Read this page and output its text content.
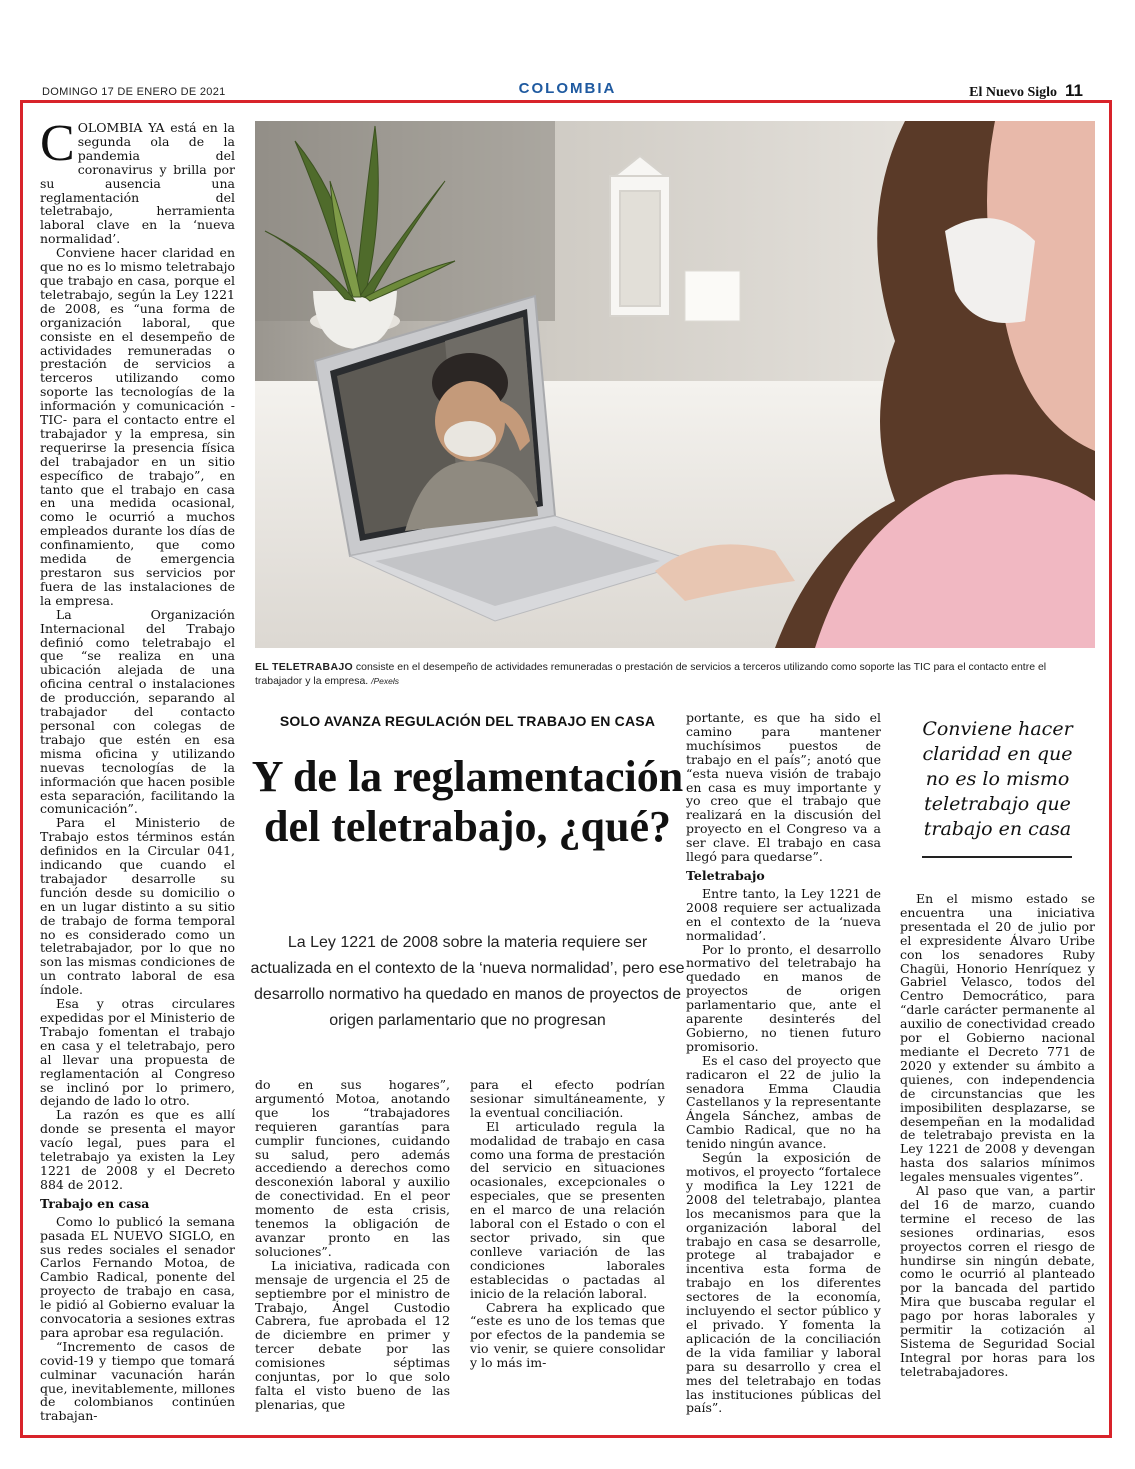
DOMINGO 17 DE ENERO DE 2021	COLOMBIA	El Nuevo Siglo 11

COLOMBIA YA está en la segunda ola de la pandemia del coronavirus y brilla por su ausencia una reglamentación del teletrabajo, herramienta laboral clave en la ‘nueva normalidad’.

Conviene hacer claridad en que no es lo mismo teletrabajo que trabajo en casa, porque el teletrabajo, según la Ley 1221 de 2008, es “una forma de organización laboral, que consiste en el desempeño de actividades remuneradas o prestación de servicios a terceros utilizando como soporte las tecnologías de la información y comunicación -TIC- para el contacto entre el trabajador y la empresa, sin requerirse la presencia física del trabajador en un sitio específico de trabajo”, en tanto que el trabajo en casa en una medida ocasional, como le ocurrió a muchos empleados durante los días de confinamiento, que como medida de emergencia prestaron sus servicios por fuera de las instalaciones de la empresa.

La Organización Internacional del Trabajo definió como teletrabajo el que “se realiza en una ubicación alejada de una oficina central o instalaciones de producción, separando al trabajador del contacto personal con colegas de trabajo que estén en esa misma oficina y utilizando nuevas tecnologías de la información que hacen posible esta separación, facilitando la comunicación”.

Para el Ministerio de Trabajo estos términos están definidos en la Circular 041, indicando que cuando el trabajador desarrolle su función desde su domicilio o en un lugar distinto a su sitio de trabajo de forma temporal no es considerado como un teletrabajador, por lo que no son las mismas condiciones de un contrato laboral de esa índole.

Esa y otras circulares expedidas por el Ministerio de Trabajo fomentan el trabajo en casa y el teletrabajo, pero al llevar una propuesta de reglamentación al Congreso se inclinó por lo primero, dejando de lado lo otro.

La razón es que es allí donde se presenta el mayor vacío legal, pues para el teletrabajo ya existen la Ley 1221 de 2008 y el Decreto 884 de 2012.

Trabajo en casa

Como lo publicó la semana pasada EL NUEVO SIGLO, en sus redes sociales el senador Carlos Fernando Motoa, de Cambio Radical, ponente del proyecto de trabajo en casa, le pidió al Gobierno evaluar la convocatoria a sesiones extras para aprobar esa regulación.

“Incremento de casos de covid-19 y tiempo que tomará culminar vacunación harán que, inevitablemente, millones de colombianos continúen trabajan-

EL TELETRABAJO consiste en el desempeño de actividades remuneradas o prestación de servicios a terceros utilizando como soporte las TIC para el contacto entre el trabajador y la empresa. /Pexels
SOLO AVANZA REGULACIÓN DEL TRABAJO EN CASA
Y de la reglamentación del teletrabajo, ¿qué?
La Ley 1221 de 2008 sobre la materia requiere ser actualizada en el contexto de la ‘nueva normalidad’, pero ese desarrollo normativo ha quedado en manos de proyectos de origen parlamentario que no progresan

do en sus hogares”, argumentó Motoa, anotando que los “trabajadores requieren garantías para cumplir funciones, cuidando su salud, pero además accediendo a derechos como desconexión laboral y auxilio de conectividad. En el peor momento de esta crisis, tenemos la obligación de avanzar pronto en las soluciones”.

La iniciativa, radicada con mensaje de urgencia el 25 de septiembre por el ministro de Trabajo, Ángel Custodio Cabrera, fue aprobada el 12 de diciembre en primer y tercer debate por las comisiones séptimas conjuntas, por lo que solo falta el visto bueno de las plenarias, que

para el efecto podrían sesionar simultáneamente, y la eventual conciliación.

El articulado regula la modalidad de trabajo en casa como una forma de prestación del servicio en situaciones ocasionales, excepcionales o especiales, que se presenten en el marco de una relación laboral con el Estado o con el sector privado, sin que conlleve variación de las condiciones laborales establecidas o pactadas al inicio de la relación laboral.

Cabrera ha explicado que “este es uno de los temas que por efectos de la pandemia se vio venir, se quiere consolidar y lo más im-

portante, es que ha sido el camino para mantener muchísimos puestos de trabajo en el país”; anotó que “esta nueva visión de trabajo en casa es muy importante y yo creo que el trabajo que realizará en la discusión del proyecto en el Congreso va a ser clave. El trabajo en casa llegó para quedarse”.

Teletrabajo

Entre tanto, la Ley 1221 de 2008 requiere ser actualizada en el contexto de la ‘nueva normalidad’.

Por lo pronto, el desarrollo normativo del teletrabajo ha quedado en manos de proyectos de origen parlamentario que, ante el aparente desinterés del Gobierno, no tienen futuro promisorio.

Es el caso del proyecto que radicaron el 22 de julio la senadora Emma Claudia Castellanos y la representante Ángela Sánchez, ambas de Cambio Radical, que no ha tenido ningún avance.

Según la exposición de motivos, el proyecto “fortalece y modifica la Ley 1221 de 2008 del teletrabajo, plantea los mecanismos para que la organización laboral del trabajo en casa se desarrolle, protege al trabajador e incentiva esta forma de trabajo en los diferentes sectores de la economía, incluyendo el sector público y el privado. Y fomenta la aplicación de la conciliación de la vida familiar y laboral para su desarrollo y crea el mes del teletrabajo en todas las instituciones públicas del país”.

Conviene hacer claridad en que no es lo mismo teletrabajo que trabajo en casa

En el mismo estado se encuentra una iniciativa presentada el 20 de julio por el expresidente Álvaro Uribe con los senadores Ruby Chagüi, Honorio Henríquez y Gabriel Velasco, todos del Centro Democrático, para “darle carácter permanente al auxilio de conectividad creado por el Gobierno nacional mediante el Decreto 771 de 2020 y extender su ámbito a quienes, con independencia de circunstancias que les imposibiliten desplazarse, se desempeñan en la modalidad de teletrabajo prevista en la Ley 1221 de 2008 y devengan hasta dos salarios mínimos legales mensuales vigentes”.

Al paso que van, a partir del 16 de marzo, cuando termine el receso de las sesiones ordinarias, esos proyectos corren el riesgo de hundirse sin ningún debate, como le ocurrió al planteado por la bancada del partido Mira que buscaba regular el pago por horas laborales y permitir la cotización al Sistema de Seguridad Social Integral por horas para los teletrabajadores.
